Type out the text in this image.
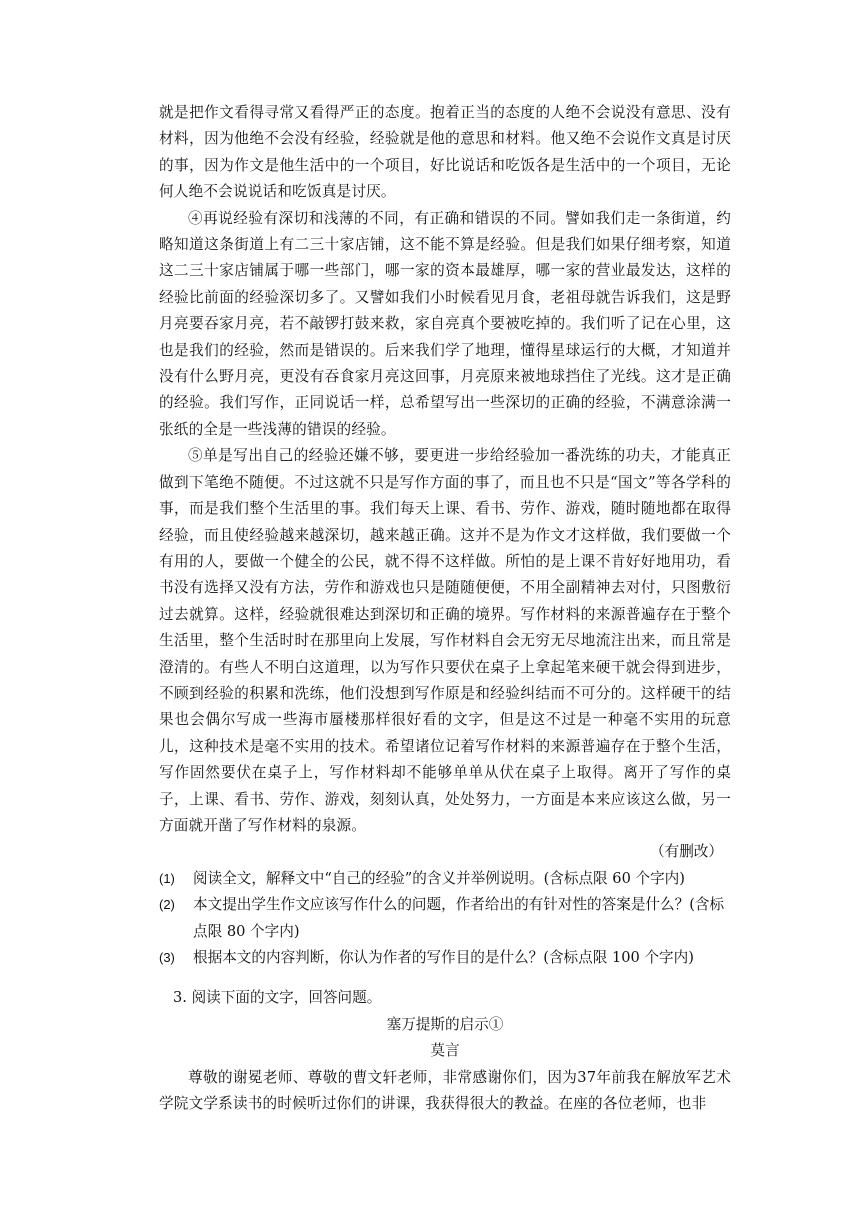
就是把作文看得寻常又看得严正的态度。抱着正当的态度的人绝不会说没有意思、没有材料，因为他绝不会没有经验，经验就是他的意思和材料。他又绝不会说作文真是讨厌的事，因为作文是他生活中的一个项目，好比说话和吃饭各是生活中的一个项目，无论何人绝不会说说话和吃饭真是讨厌。

④再说经验有深切和浅薄的不同，有正确和错误的不同。譬如我们走一条街道，约略知道这条街道上有二三十家店铺，这不能不算是经验。但是我们如果仔细考察，知道这二三十家店铺属于哪一些部门，哪一家的资本最雄厚，哪一家的营业最发达，这样的经验比前面的经验深切多了。又譬如我们小时候看见月食，老祖母就告诉我们，这是野月亮要吞家月亮，若不敲锣打鼓来救，家自亮真个要被吃掉的。我们听了记在心里，这也是我们的经验，然而是错误的。后来我们学了地理，懂得星球运行的大概，才知道并没有什么野月亮，更没有吞食家月亮这回事，月亮原来被地球挡住了光线。这才是正确的经验。我们写作，正同说话一样，总希望写出一些深切的正确的经验，不满意涂满一张纸的全是一些浅薄的错误的经验。

⑤单是写出自己的经验还嫌不够，要更进一步给经验加一番洗练的功夫，才能真正做到下笔绝不随便。不过这就不只是写作方面的事了，而且也不只是“国文”等各学科的事，而是我们整个生活里的事。我们每天上课、看书、劳作、游戏，随时随地都在取得经验，而且使经验越来越深切，越来越正确。这并不是为作文才这样做，我们要做一个有用的人，要做一个健全的公民，就不得不这样做。所怕的是上课不肯好好地用功，看书没有选择又没有方法，劳作和游戏也只是随随便便，不用全副精神去对付，只图敷衍过去就算。这样，经验就很难达到深切和正确的境界。写作材料的来源普遍存在于整个生活里，整个生活时时在那里向上发展，写作材料自会无穷无尽地流注出来，而且常是澄清的。有些人不明白这道理，以为写作只要伏在桌子上拿起笔来硬干就会得到进步，不顾到经验的积累和洗练，他们没想到写作原是和经验纠结而不可分的。这样硬干的结果也会偶尔写成一些海市蜃楼那样很好看的文字，但是这不过是一种毫不实用的玩意儿，这种技术是毫不实用的技术。希望诸位记着写作材料的来源普遍存在于整个生活，写作固然要伏在桌子上，写作材料却不能够单单从伏在桌子上取得。离开了写作的桌子，上课、看书、劳作、游戏，刻刻认真，处处努力，一方面是本来应该这么做，另一方面就开凿了写作材料的泉源。

（有删改）

(1)	阅读全文，解释文中“自己的经验”的含义并举例说明。(含标点限 60 个字内)
(2)	本文提出学生作文应该写作什么的问题，作者给出的有针对性的答案是什么？(含标点限 80 个字内)
(3)	根据本文的内容判断，你认为作者的写作目的是什么？(含标点限 100 个字内)

3. 阅读下面的文字，回答问题。

塞万提斯的启示①

莫言

尊敬的谢冕老师、尊敬的曹文轩老师，非常感谢你们，因为37年前我在解放军艺术学院文学系读书的时候听过你们的讲课，我获得很大的教益。在座的各位老师，也非
